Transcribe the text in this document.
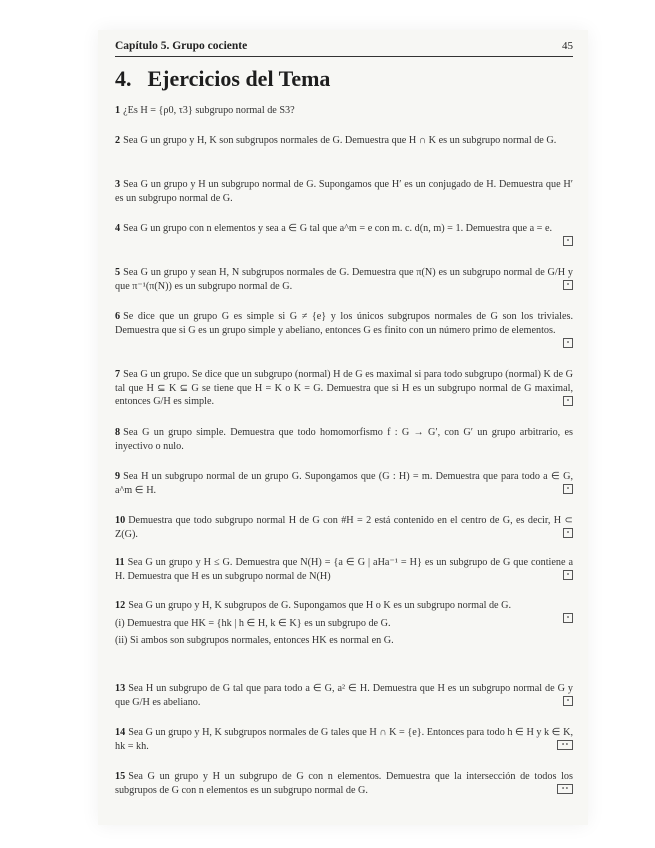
Capítulo 5. Grupo cociente	45
4. Ejercicios del Tema
1 ¿Es H = {ρ0, τ3} subgrupo normal de S3?
2 Sea G un grupo y H, K son subgrupos normales de G. Demuestra que H ∩ K es un subgrupo normal de G.
3 Sea G un grupo y H un subgrupo normal de G. Supongamos que H′ es un conjugado de H. Demuestra que H′ es un subgrupo normal de G.
4 Sea G un grupo con n elementos y sea a ∈ G tal que a^m = e con m. c. d(n, m) = 1. Demuestra que a = e.
∘
5 Sea G un grupo y sean H, N subgrupos normales de G. Demuestra que π(N) es un subgrupo normal de G/H y que π⁻¹(π(N)) es un subgrupo normal de G.	∘
6 Se dice que un grupo G es simple si G ≠ {e} y los únicos subgrupos normales de G son los triviales. Demuestra que si G es un grupo simple y abeliano, entonces G es finito con un número primo de elementos.
∘
7 Sea G un grupo. Se dice que un subgrupo (normal) H de G es maximal si para todo subgrupo (normal) K de G tal que H ⊆ K ⊆ G se tiene que H = K o K = G. Demuestra que si H es un subgrupo normal de G maximal, entonces G/H es simple.	∘
8 Sea G un grupo simple. Demuestra que todo homomorfismo f : G → G′, con G′ un grupo arbitrario, es inyectivo o nulo.
9 Sea H un subgrupo normal de un grupo G. Supongamos que (G : H) = m. Demuestra que para todo a ∈ G, a^m ∈ H.	∘
10 Demuestra que todo subgrupo normal H de G con #H = 2 está contenido en el centro de G, es decir, H ⊂ Z(G).	∘
11 Sea G un grupo y H ≤ G. Demuestra que N(H) = {a ∈ G | aHa⁻¹ = H} es un subgrupo de G que contiene a H. Demuestra que H es un subgrupo normal de N(H)	∘
12 Sea G un grupo y H, K subgrupos de G. Supongamos que H o K es un subgrupo normal de G.
∘
(i) Demuestra que HK = {hk | h ∈ H, k ∈ K} es un subgrupo de G.
(ii) Si ambos son subgrupos normales, entonces HK es normal en G.
13 Sea H un subgrupo de G tal que para todo a ∈ G, a² ∈ H. Demuestra que H es un subgrupo normal de G y que G/H es abeliano.	∘
14 Sea G un grupo y H, K subgrupos normales de G tales que H ∩ K = {e}. Entonces para todo h ∈ H y k ∈ K, hk = kh.	∘∘
15 Sea G un grupo y H un subgrupo de G con n elementos. Demuestra que la intersección de todos los subgrupos de G con n elementos es un subgrupo normal de G.	∘∘
